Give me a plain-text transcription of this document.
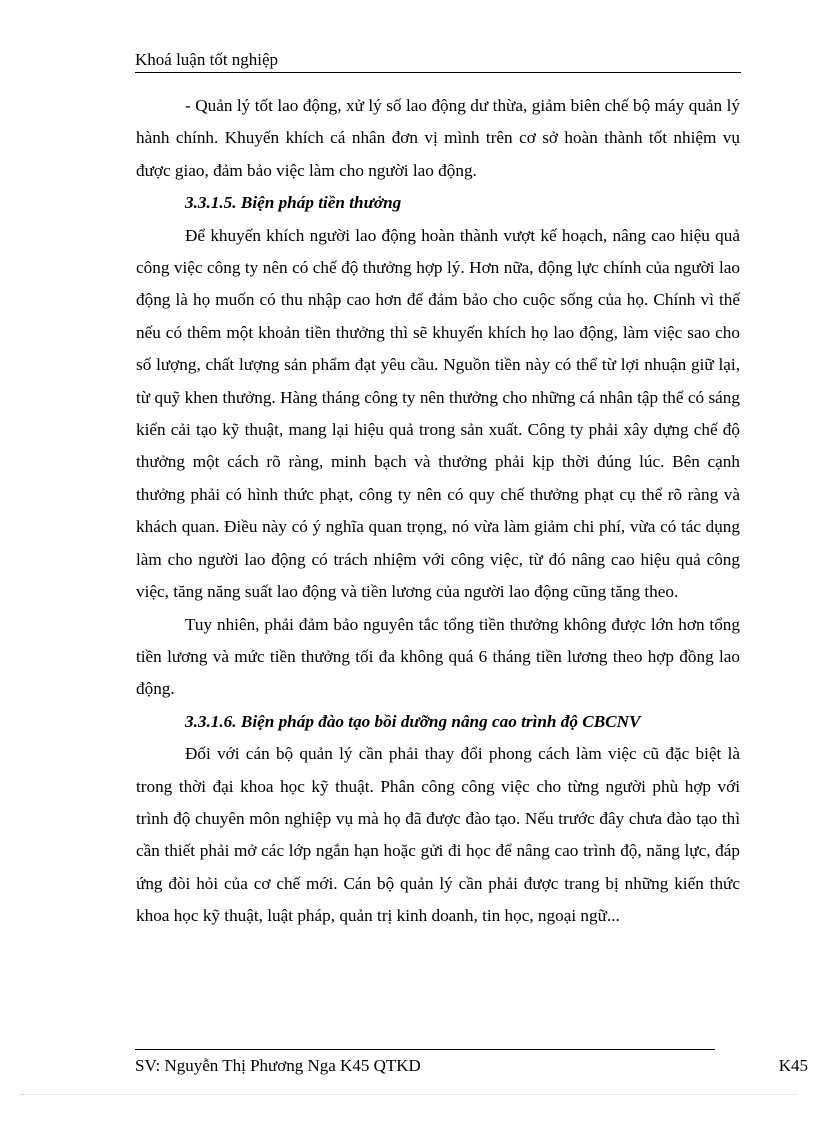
Khoá luận tốt nghiệp

- Quản lý tốt lao động, xử lý số lao động dư thừa, giảm biên chế bộ máy quản lý hành chính. Khuyến khích cá nhân đơn vị mình trên cơ sở hoàn thành tốt nhiệm vụ được giao, đảm bảo việc làm cho người lao động.

3.3.1.5. Biện pháp tiền thưởng

Để khuyến khích người lao động hoàn thành vượt kế hoạch, nâng cao hiệu quả công việc công ty nên có chế độ thưởng hợp lý. Hơn nữa, động lực chính của người lao động là họ muốn có thu nhập cao hơn để đảm bảo cho cuộc sống của họ. Chính vì thế nếu có thêm một khoản tiền thưởng thì sẽ khuyến khích họ lao động, làm việc sao cho số lượng, chất lượng sản phẩm đạt yêu cầu. Nguồn tiền này có thể từ lợi nhuận giữ lại, từ quỹ khen thưởng. Hàng tháng công ty nên thưởng cho những cá nhân tập thể có sáng kiến cải tạo kỹ thuật, mang lại hiệu quả trong sản xuất. Công ty phải xây dựng chế độ thưởng một cách rõ ràng, minh bạch và thưởng phải kịp thời đúng lúc. Bên cạnh thưởng phải có hình thức phạt, công ty nên có quy chế thưởng phạt cụ thể rõ ràng và khách quan. Điều này có ý nghĩa quan trọng, nó vừa làm giảm chi phí, vừa có tác dụng làm cho người lao động có trách nhiệm với công việc, từ đó nâng cao hiệu quả công việc, tăng năng suất lao động và tiền lương của người lao động cũng tăng theo.

Tuy nhiên, phải đảm bảo nguyên tắc tổng tiền thưởng không được lớn hơn tổng tiền lương và mức tiền thưởng tối đa không quá 6 tháng tiền lương theo hợp đồng lao động.

3.3.1.6. Biện pháp đào tạo bồi dưỡng nâng cao trình độ CBCNV

Đối với cán bộ quản lý cần phải thay đổi phong cách làm việc cũ đặc biệt là trong thời đại khoa học kỹ thuật. Phân công công việc cho từng người phù hợp với trình độ chuyên môn nghiệp vụ mà họ đã được đào tạo. Nếu trước đây chưa đào tạo thì cần thiết phải mở các lớp ngắn hạn hoặc gửi đi học để nâng cao trình độ, năng lực, đáp ứng đòi hỏi của cơ chế mới. Cán bộ quản lý cần phải được trang bị những kiến thức khoa học kỹ thuật, luật pháp, quản trị kinh doanh, tin học, ngoại ngữ...

SV: Nguyễn Thị Phương Nga K45 QTKD	K45
